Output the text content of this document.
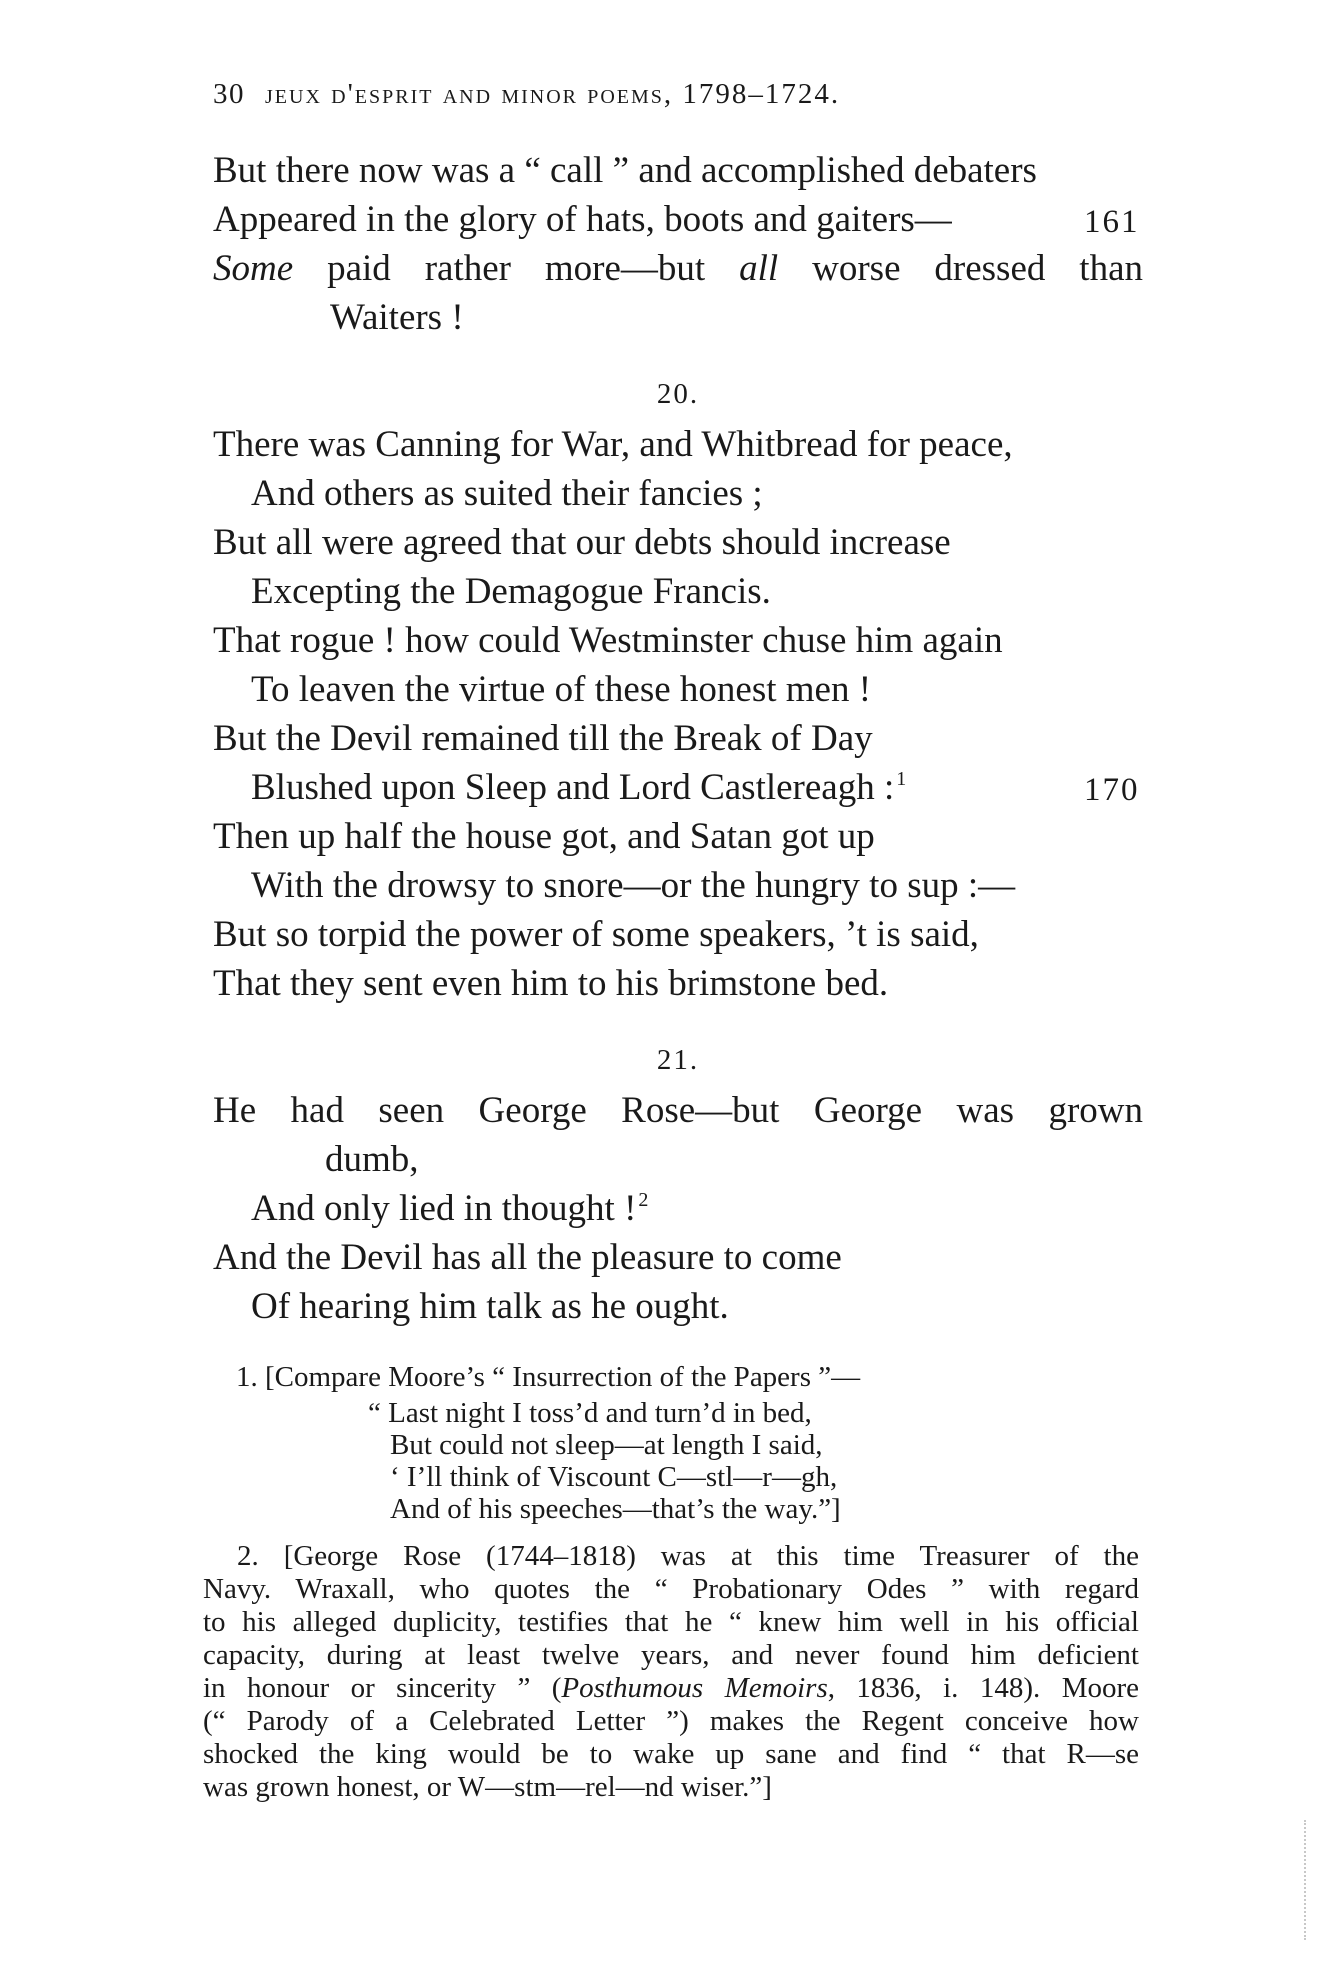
30 jeux d'esprit and minor poems, 1798–1724.
But there now was a “ call ” and accomplished debaters
Appeared in the glory of hats, boots and gaiters—	161
Some paid rather more—but all worse dressed than
Waiters !
20.
There was Canning for War, and Whitbread for peace,
And others as suited their fancies ;
But all were agreed that our debts should increase
Excepting the Demagogue Francis.
That rogue ! how could Westminster chuse him again
To leaven the virtue of these honest men !
But the Devil remained till the Break of Day
Blushed upon Sleep and Lord Castlereagh : $^1$	170
Then up half the house got, and Satan got up
With the drowsy to snore—or the hungry to sup :—
But so torpid the power of some speakers, ’t is said,
That they sent even him to his brimstone bed.
21.
He had seen George Rose—but George was grown
dumb,
And only lied in thought ! $^2$
And the Devil has all the pleasure to come
Of hearing him talk as he ought.
1. [Compare Moore’s “ Insurrection of the Papers ”—
“ Last night I toss’d and turn’d in bed,
But could not sleep—at length I said,
‘ I’ll think of Viscount C—stl—r—gh,
And of his speeches—that’s the way.”]
2. [George Rose (1744–1818) was at this time Treasurer of the
Navy. Wraxall, who quotes the “ Probationary Odes ” with regard
to his alleged duplicity, testifies that he “ knew him well in his official
capacity, during at least twelve years, and never found him deficient
in honour or sincerity ” (Posthumous Memoirs, 1836, i. 148). Moore
(“ Parody of a Celebrated Letter ”) makes the Regent conceive how
shocked the king would be to wake up sane and find “ that R—se
was grown honest, or W—stm—rel—nd wiser.”]
